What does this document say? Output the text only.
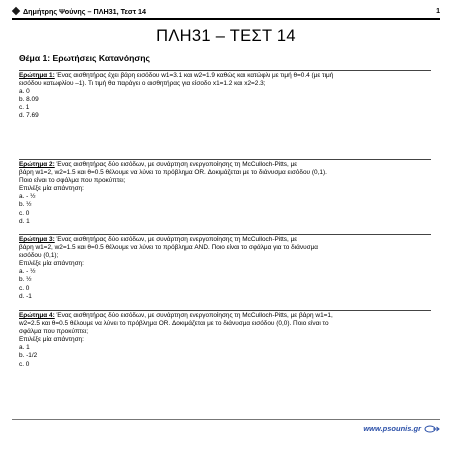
Δημήτρης Ψούνης – ΠΛΗ31, Τεστ 14	1
ΠΛΗ31 – ΤΕΣΤ 14
Θέμα 1: Ερωτήσεις Κατανόησης
Ερώτημα 1: Ένας αισθητήρας έχει βάρη εισόδου w1=3.1 και w2=1.9 καθώς και κατώφλι με τιμή θ=0.4 (με τιμή
εισόδου κατωφλίου –1). Τι τιμή θα παράγει ο αισθητήρας για είσοδο x1=1.2 και x2=2.3;
a. 0
b. 8.09
c. 1
d. 7.69
Ερώτημα 2: Ένας αισθητήρας δύο εισόδων, με συνάρτηση ενεργοποίησης τη McCulloch-Pitts, με
βάρη w1=2, w2=1.5 και θ=0.5 θέλουμε να λύνει το πρόβλημα OR. Δοκιμάζεται με το διάνυσμα εισόδου (0,1).
Ποιο είναι το σφάλμα που προκύπτει;
Επιλέξε μία απάντηση:
a. - ½
b. ½
c. 0
d. 1
Ερώτημα 3: Ένας αισθητήρας δύο εισόδων, με συνάρτηση ενεργοποίησης τη McCulloch-Pitts, με
βάρη w1=2, w2=1.5 και θ=0.5 θέλουμε να λύνει το πρόβλημα AND. Ποιο είναι το σφάλμα για το διάνυσμα
εισόδου (0,1);
Επιλέξε μία απάντηση:
a. - ½
b. ½
c. 0
d. -1
Ερώτημα 4: Ένας αισθητήρας δύο εισόδων, με συνάρτηση ενεργοποίησης τη McCulloch-Pitts, με βάρη w1=1,
w2=2.5 και θ=0.5 θέλουμε να λύνει το πρόβλημα OR. Δοκιμάζεται με το διάνυσμα εισόδου (0,0). Ποιο είναι το
σφάλμα που προκύπτει;
Επιλέξε μία απάντηση:
a. 1
b. -1/2
c. 0
www.psounis.gr
